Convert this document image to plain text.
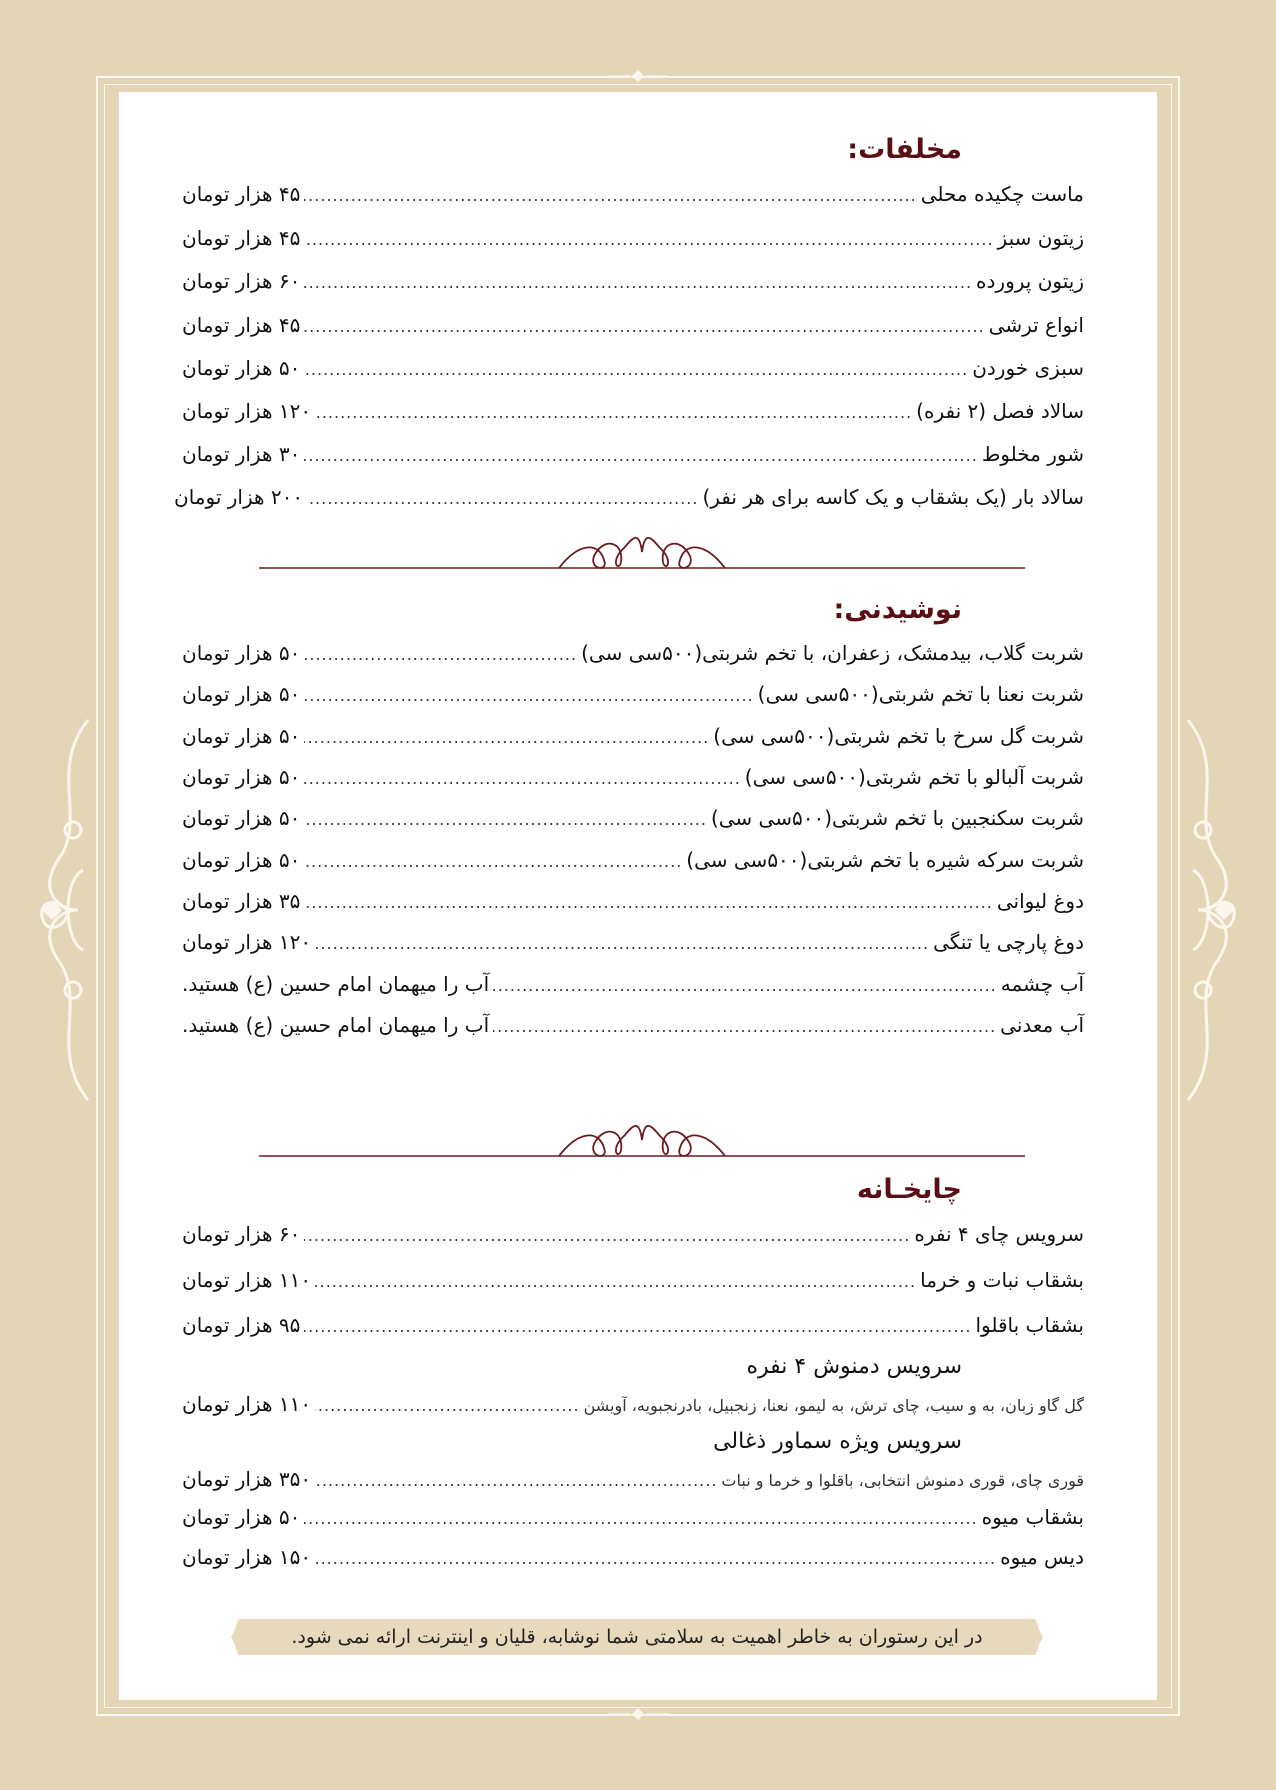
مخلفات:
ماست چکیده محلی
.....
۴۵ هزار تومان
زیتون سبز
.....
۴۵ هزار تومان
زیتون پرورده
.....
۶۰ هزار تومان
انواع ترشی
.....
۴۵ هزار تومان
سبزی خوردن
.....
۵۰ هزار تومان
سالاد فصل (۲ نفره)
.....
۱۲۰ هزار تومان
شور مخلوط
.....
۳۰ هزار تومان
سالاد بار (یک بشقاب و یک کاسه برای هر نفر)
.....
۲۰۰ هزار تومان
نوشیدنی:
شربت گلاب، بیدمشک، زعفران، با تخم شربتی(۵۰۰سی سی)
.....
۵۰ هزار تومان
شربت نعنا با تخم شربتی(۵۰۰سی سی)
.....
۵۰ هزار تومان
شربت گل سرخ با تخم شربتی(۵۰۰سی سی)
.....
۵۰ هزار تومان
شربت آلبالو با تخم شربتی(۵۰۰سی سی)
.....
۵۰ هزار تومان
شربت سکنجبین با تخم شربتی(۵۰۰سی سی)
.....
۵۰ هزار تومان
شربت سرکه شیره با تخم شربتی(۵۰۰سی سی)
.....
۵۰ هزار تومان
دوغ لیوانی
.....
۳۵ هزار تومان
دوغ پارچی یا تنگی
.....
۱۲۰ هزار تومان
آب چشمه
.....
آب را میهمان امام حسین (ع) هستید.
آب معدنی
.....
آب را میهمان امام حسین (ع) هستید.
چایخـانه
سرویس چای ۴ نفره
.....
۶۰ هزار تومان
بشقاب نبات و خرما
.....
۱۱۰ هزار تومان
بشقاب باقلوا
.....
۹۵ هزار تومان
سرویس دمنوش ۴ نفره
گل گاو زبان، به و سیب، چای ترش، به لیمو، نعنا، زنجبیل، بادرنجبویه، آویشن
.....
۱۱۰ هزار تومان
سرویس ویژه سماور ذغالی
قوری چای، قوری دمنوش انتخابی، باقلوا و خرما و نبات
.....
۳۵۰ هزار تومان
بشقاب میوه
.....
۵۰ هزار تومان
دیس میوه
.....
۱۵۰ هزار تومان
در این رستوران به خاطر اهمیت به سلامتی شما نوشابه، قلیان و اینترنت ارائه نمی شود.
